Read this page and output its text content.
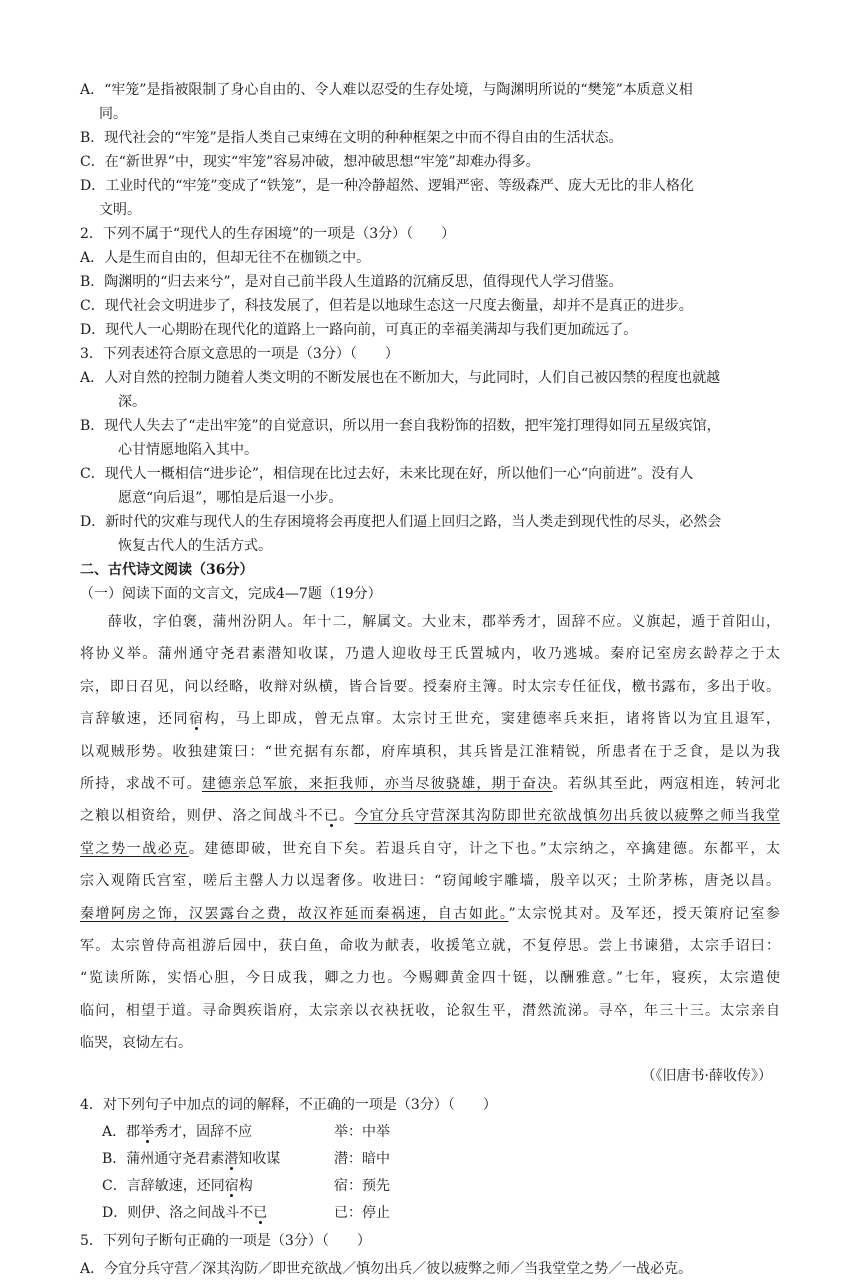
A．“牢笼”是指被限制了身心自由的、令人难以忍受的生存处境，与陶渊明所说的“樊笼”本质意义相
同。
B．现代社会的“牢笼”是指人类自己束缚在文明的种种框架之中而不得自由的生活状态。
C．在“新世界”中，现实“牢笼”容易冲破，想冲破思想“牢笼”却难办得多。
D．工业时代的“牢笼”变成了“铁笼”，是一种冷静超然、逻辑严密、等级森严、庞大无比的非人格化
文明。
2．下列不属于“现代人的生存困境”的一项是（3分）（　　）
A．人是生而自由的，但却无往不在枷锁之中。
B．陶渊明的“归去来兮”，是对自己前半段人生道路的沉痛反思，值得现代人学习借鉴。
C．现代社会文明进步了，科技发展了，但若是以地球生态这一尺度去衡量，却并不是真正的进步。
D．现代人一心期盼在现代化的道路上一路向前，可真正的幸福美满却与我们更加疏远了。
3．下列表述符合原文意思的一项是（3分）（　　）
A．人对自然的控制力随着人类文明的不断发展也在不断加大，与此同时，人们自己被囚禁的程度也就越
深。
B．现代人失去了“走出牢笼”的自觉意识，所以用一套自我粉饰的招数，把牢笼打理得如同五星级宾馆，
心甘情愿地陷入其中。
C．现代人一概相信“进步论”，相信现在比过去好，未来比现在好，所以他们一心“向前进”。没有人
愿意“向后退”，哪怕是后退一小步。
D．新时代的灾难与现代人的生存困境将会再度把人们逼上回归之路，当人类走到现代性的尽头，必然会
恢复古代人的生活方式。
二、古代诗文阅读（36分）
（一）阅读下面的文言文，完成4—7题（19分）
薛收，字伯褒，蒲州汾阴人。年十二，解属文。大业末，郡举秀才，固辞不应。义旗起，遁于首阳山，
将协义举。蒲州通守尧君素潜知收谋，乃遣人迎收母王氏置城内，收乃逃城。秦府记室房玄龄荐之于太
宗，即日召见，问以经略，收辩对纵横，皆合旨要。授秦府主簿。时太宗专任征伐，檄书露布，多出于收。
言辞敏速，还同宿构，马上即成，曾无点窜。太宗讨王世充，窦建德率兵来拒，诸将皆以为宜且退军，
以观贼形势。收独建策曰：“世充据有东都，府库填积，其兵皆是江淮精锐，所患者在于乏食，是以为我
所持，求战不可。建德亲总军旅，来拒我师，亦当尽彼骁雄，期于奋决。若纵其至此，两寇相连，转河北
之粮以相资给，则伊、洛之间战斗不已。今宜分兵守营深其沟防即世充欲战慎勿出兵彼以疲弊之师当我堂
堂之势一战必克。建德即破，世充自下矣。若退兵自守，计之下也。”太宗纳之，卒擒建德。东都平，太
宗入观隋氏宫室，嗟后主罄人力以逞奢侈。收进曰：“窃闻峻宇雕墙，殷辛以灭；土阶茅栋，唐尧以昌。
秦增阿房之饰，汉罢露台之费，故汉祚延而秦祸速，自古如此。”太宗悦其对。及军还，授天策府记室参
军。太宗曾侍高祖游后园中，获白鱼，命收为献表，收援笔立就，不复停思。尝上书谏猎，太宗手诏曰：
“览读所陈，实悟心胆，今日成我，卿之力也。今赐卿黄金四十铤，以酬雅意。”七年，寝疾，太宗遣使
临问，相望于道。寻命舆疾诣府，太宗亲以衣袂抚收，论叙生平，潸然流涕。寻卒，年三十三。太宗亲自
临哭，哀恸左右。
（《旧唐书·薛收传》）
4．对下列句子中加点的词的解释，不正确的一项是（3分）（　　）
A．郡举秀才，固辞不应	举：中举
B．蒲州通守尧君素潜知收谋	潜：暗中
C．言辞敏速，还同宿构	宿：预先
D．则伊、洛之间战斗不已	已：停止
5．下列句子断句正确的一项是（3分）（　　）
A．今宜分兵守营／深其沟防／即世充欲战／慎勿出兵／彼以疲弊之师／当我堂堂之势／一战必克。
